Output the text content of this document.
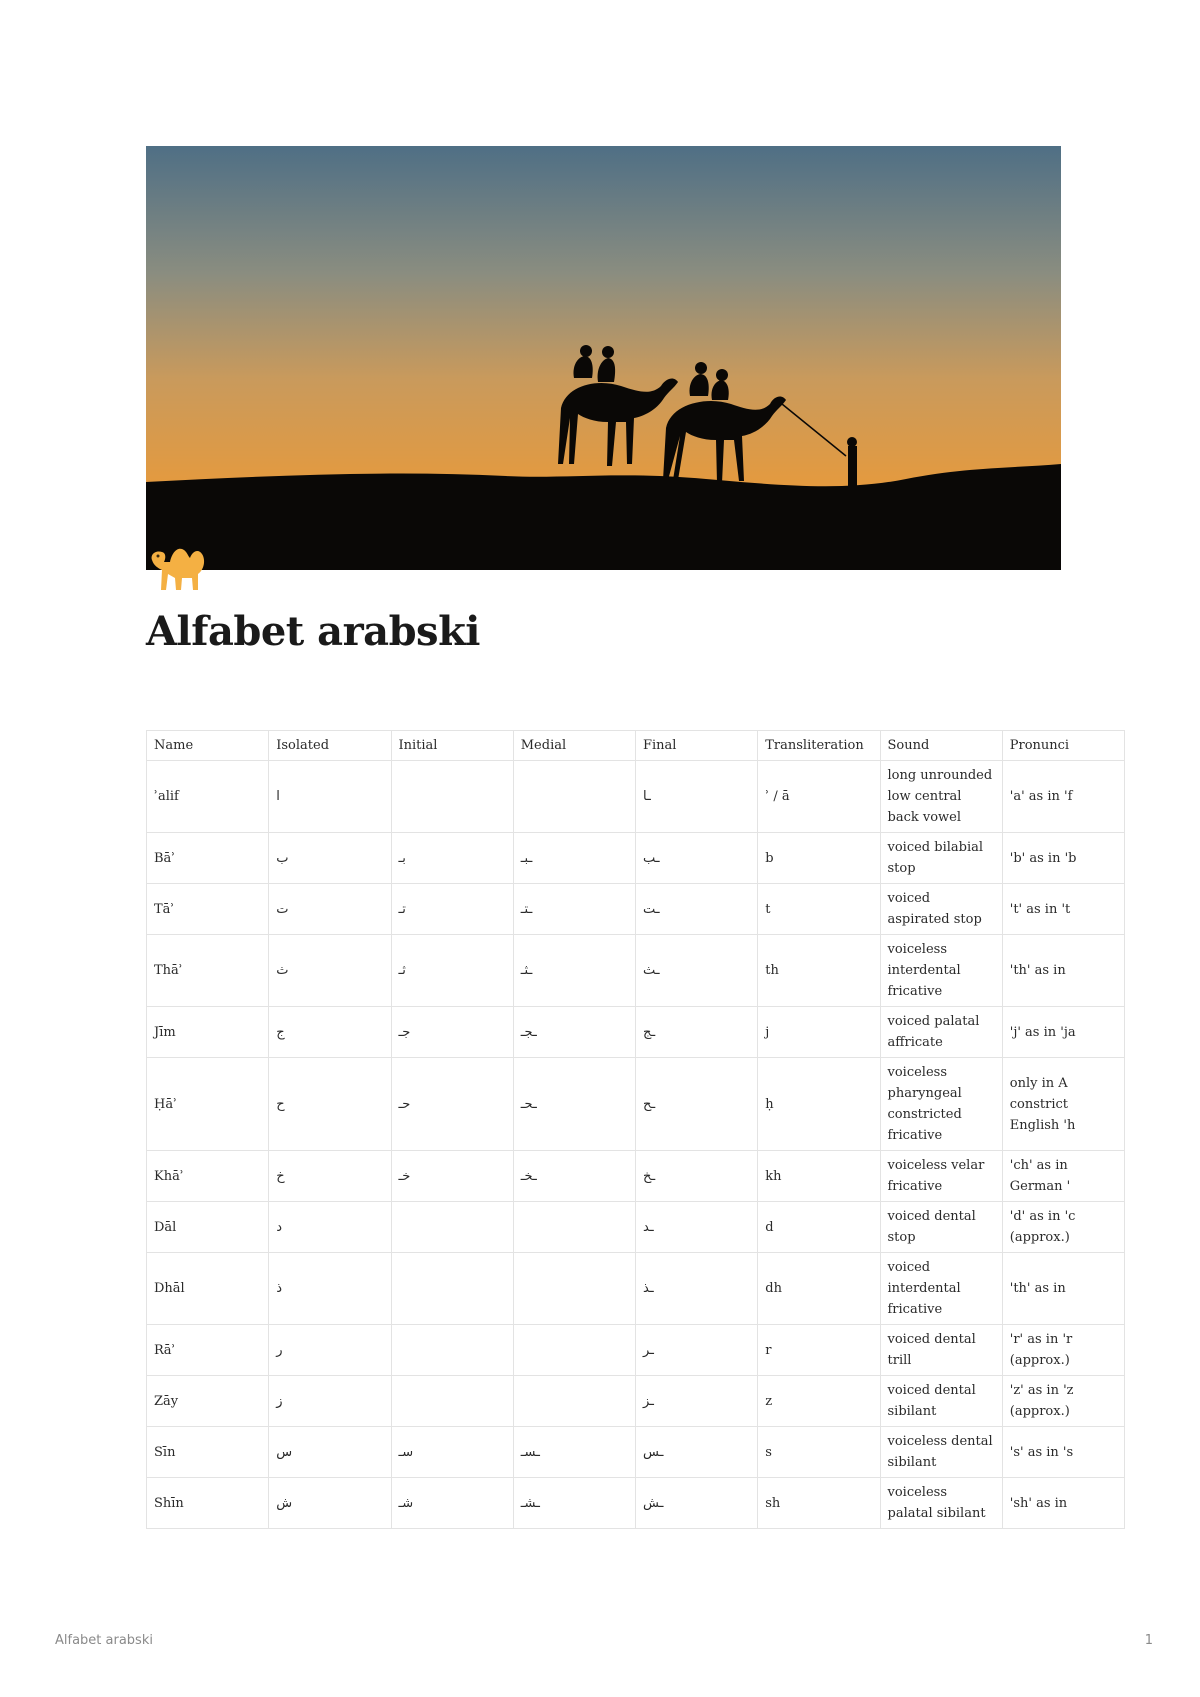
Alfabet arabski
Name	Isolated	Initial	Medial	Final	Transliteration	Sound	Pronunci
ʾalif	ا			ـا	ʾ / ā	long unrounded low central back vowel	'a' as in 'f
Bāʾ	ب	بـ	ـبـ	ـب	b	voiced bilabial stop	'b' as in 'b
Tāʾ	ت	تـ	ـتـ	ـت	t	voiced aspirated stop	't' as in 't
Thāʾ	ث	ثـ	ـثـ	ـث	th	voiceless interdental fricative	'th' as in
Jīm	ج	جـ	ـجـ	ـج	j	voiced palatal affricate	'j' as in 'ja
Ḥāʾ	ح	حـ	ـحـ	ـح	ḥ	voiceless pharyngeal constricted fricative	only in A constrict English 'h
Khāʾ	خ	خـ	ـخـ	ـخ	kh	voiceless velar fricative	'ch' as in German '
Dāl	د			ـد	d	voiced dental stop	'd' as in 'c (approx.)
Dhāl	ذ			ـذ	dh	voiced interdental fricative	'th' as in
Rāʾ	ر			ـر	r	voiced dental trill	'r' as in 'r (approx.)
Zāy	ز			ـز	z	voiced dental sibilant	'z' as in 'z (approx.)
Sīn	س	سـ	ـسـ	ـس	s	voiceless dental sibilant	's' as in 's
Shīn	ش	شـ	ـشـ	ـش	sh	voiceless palatal sibilant	'sh' as in
Alfabet arabski	1
